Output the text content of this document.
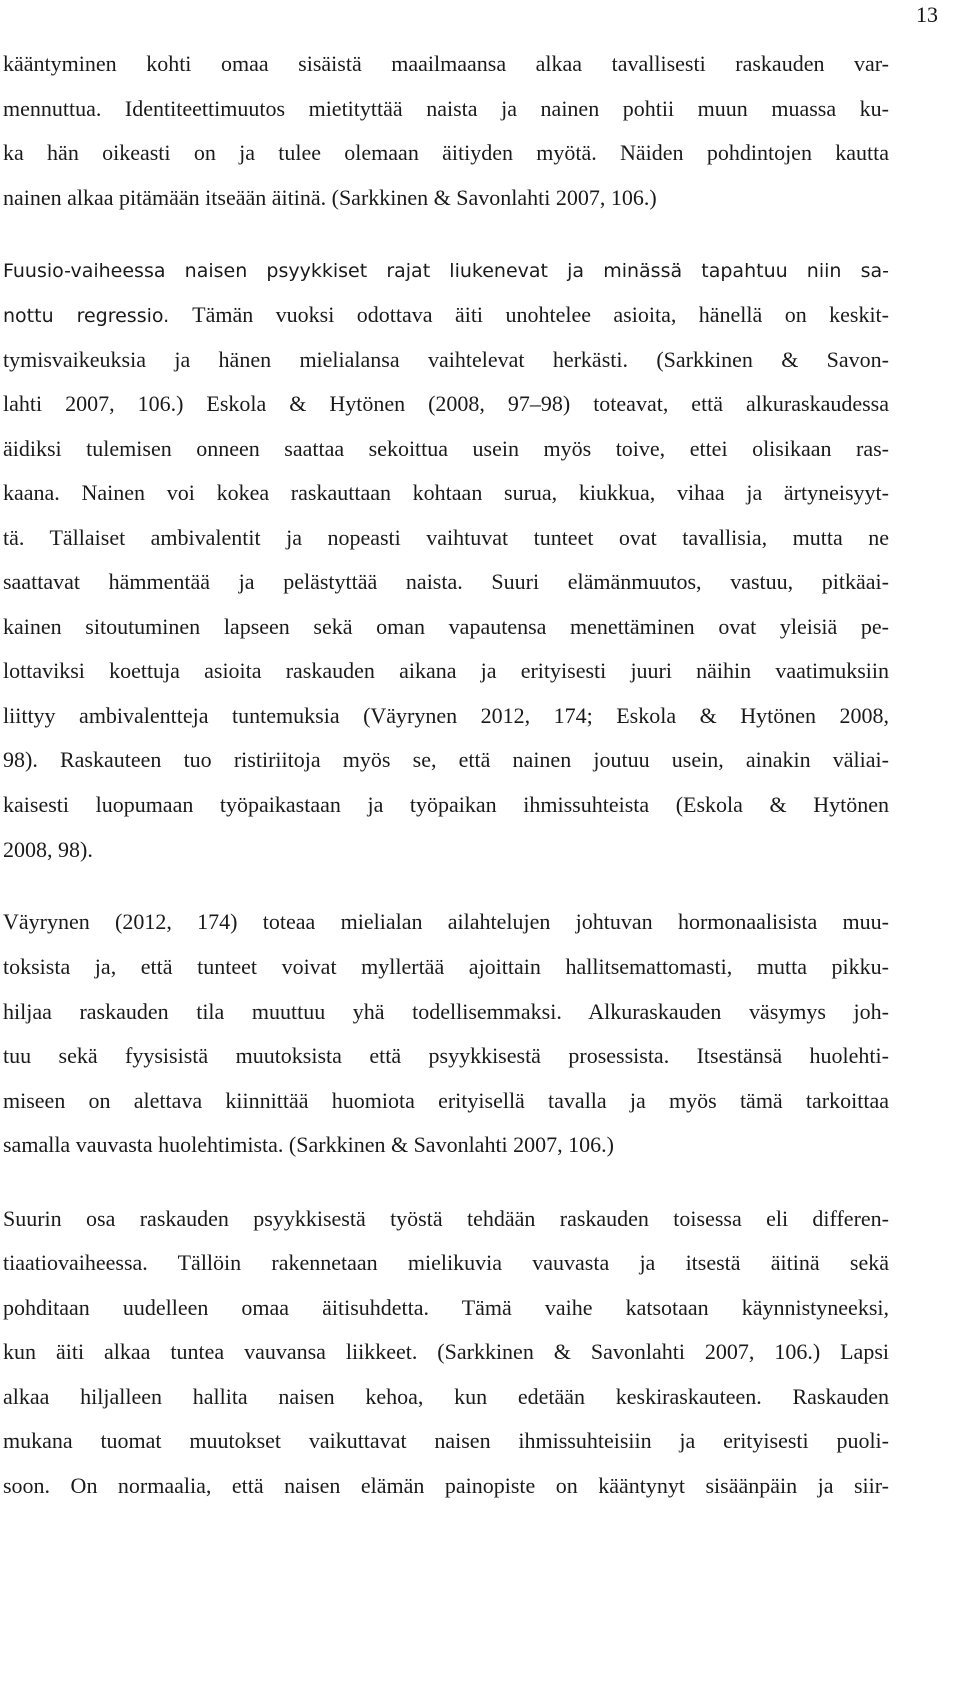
13
kääntyminen kohti omaa sisäistä maailmaansa alkaa tavallisesti raskauden var-
mennuttua. Identiteettimuutos mietityttää naista ja nainen pohtii muun muassa ku-
ka hän oikeasti on ja tulee olemaan äitiyden myötä. Näiden pohdintojen kautta
nainen alkaa pitämään itseään äitinä. (Sarkkinen & Savonlahti 2007, 106.)
Fuusio-vaiheessa naisen psyykkiset rajat liukenevat ja minässä tapahtuu niin sa-
nottu regressio. Tämän vuoksi odottava äiti unohtelee asioita, hänellä on keskit-
tymisvaikeuksia ja hänen mielialansa vaihtelevat herkästi. (Sarkkinen & Savon-
lahti 2007, 106.) Eskola & Hytönen (2008, 97–98) toteavat, että alkuraskaudessa
äidiksi tulemisen onneen saattaa sekoittua usein myös toive, ettei olisikaan ras-
kaana. Nainen voi kokea raskauttaan kohtaan surua, kiukkua, vihaa ja ärtyneisyyt-
tä. Tällaiset ambivalentit ja nopeasti vaihtuvat tunteet ovat tavallisia, mutta ne
saattavat hämmentää ja pelästyttää naista. Suuri elämänmuutos, vastuu, pitkäai-
kainen sitoutuminen lapseen sekä oman vapautensa menettäminen ovat yleisiä pe-
lottaviksi koettuja asioita raskauden aikana ja erityisesti juuri näihin vaatimuksiin
liittyy ambivalentteja tuntemuksia (Väyrynen 2012, 174; Eskola & Hytönen 2008,
98). Raskauteen tuo ristiriitoja myös se, että nainen joutuu usein, ainakin väliai-
kaisesti luopumaan työpaikastaan ja työpaikan ihmissuhteista (Eskola & Hytönen
2008, 98).
Väyrynen (2012, 174) toteaa mielialan ailahtelujen johtuvan hormonaalisista muu-
toksista ja, että tunteet voivat myllertää ajoittain hallitsemattomasti, mutta pikku-
hiljaa raskauden tila muuttuu yhä todellisemmaksi. Alkuraskauden väsymys joh-
tuu sekä fyysisistä muutoksista että psyykkisestä prosessista. Itsestänsä huolehti-
miseen on alettava kiinnittää huomiota erityisellä tavalla ja myös tämä tarkoittaa
samalla vauvasta huolehtimista. (Sarkkinen & Savonlahti 2007, 106.)
Suurin osa raskauden psyykkisestä työstä tehdään raskauden toisessa eli differen-
tiaatiovaiheessa. Tällöin rakennetaan mielikuvia vauvasta ja itsestä äitinä sekä
pohditaan uudelleen omaa äitisuhdetta. Tämä vaihe katsotaan käynnistyneeksi,
kun äiti alkaa tuntea vauvansa liikkeet. (Sarkkinen & Savonlahti 2007, 106.) Lapsi
alkaa hiljalleen hallita naisen kehoa, kun edetään keskiraskauteen. Raskauden
mukana tuomat muutokset vaikuttavat naisen ihmissuhteisiin ja erityisesti puoli-
soon. On normaalia, että naisen elämän painopiste on kääntynyt sisäänpäin ja siir-
